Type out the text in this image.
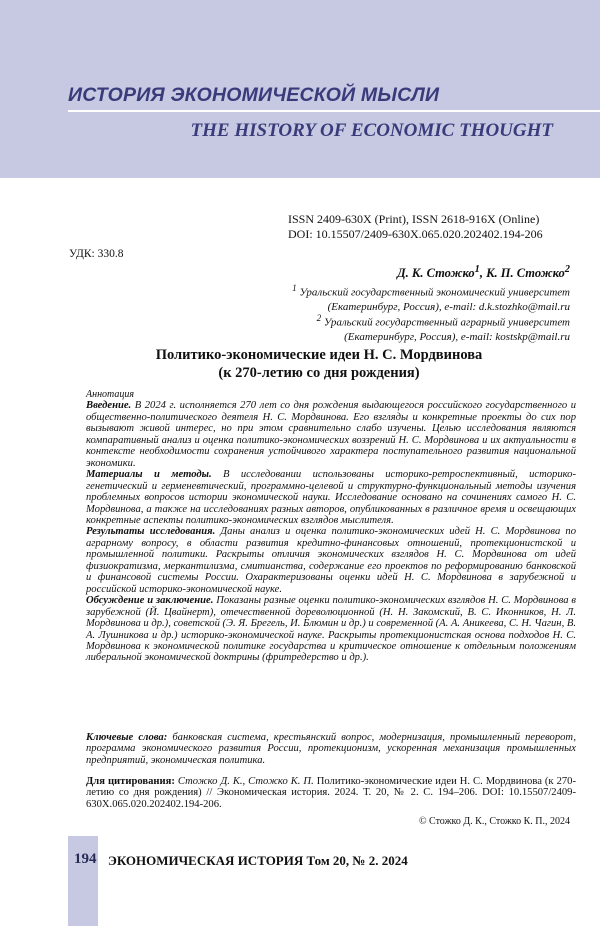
ИСТОРИЯ ЭКОНОМИЧЕСКОЙ МЫСЛИ
THE HISTORY OF ECONOMIC THOUGHT
ISSN 2409-630X (Print), ISSN 2618-916X (Online)
DOI: 10.15507/2409-630X.065.020.202402.194-206
УДК: 330.8
Д. К. Стожко$^1$, К. П. Стожко$^2$
$^1$ Уральский государственный экономический университет
(Екатеринбург, Россия), e-mail: d.k.stozhko@mail.ru
$^2$ Уральский государственный аграрный университет
(Екатеринбург, Россия), e-mail: kostskp@mail.ru
Политико-экономические идеи Н. С. Мордвинова
(к 270-летию со дня рождения)

Аннотация

Введение. В 2024 г. исполняется 270 лет со дня рождения выдающегося российского государственного и общественно-политического деятеля Н. С. Мордвинова. Его взгляды и конкретные проекты до сих пор вызывают живой интерес, но при этом сравнительно слабо изучены. Целью исследования являются компаративный анализ и оценка политико-экономических воззрений Н. С. Мордвинова и их актуальности в контексте необходимости сохранения устойчивого характера поступательного развития национальной экономики.

Материалы и методы. В исследовании использованы историко-ретроспективный, историко-генетический и герменевтический, программно-целевой и структурно-функциональный методы изучения проблемных вопросов истории экономической науки. Исследование основано на сочинениях самого Н. С. Мордвинова, а также на исследованиях разных авторов, опубликованных в различное время и освещающих конкретные аспекты политико-экономических взглядов мыслителя.

Результаты исследования. Даны анализ и оценка политико-экономических идей Н. С. Мордвинова по аграрному вопросу, в области развития кредитно-финансовых отношений, протекционистской и промышленной политики. Раскрыты отличия экономических взглядов Н. С. Мордвинова от идей физиократизма, меркантилизма, смитианства, содержание его проектов по реформированию банковской и финансовой системы России. Охарактеризованы оценки идей Н. С. Мордвинова в зарубежной и российской историко-экономической науке.

Обсуждение и заключение. Показаны разные оценки политико-экономических взглядов Н. С. Мордвинова в зарубежной (Й. Цвайнерт), отечественной дореволюционной (Н. Н. Закомский, В. С. Иконников, Н. Л. Мордвинова и др.), советской (Э. Я. Брегель, И. Блюмин и др.) и современной (А. А. Аникеева, С. Н. Чагин, В. А. Лушникова и др.) историко-экономической науке. Раскрыты протекционистская основа подходов Н. С. Мордвинова к экономической политике государства и критическое отношение к отдельным положениям либеральной экономической доктрины (фритредерство и др.).

Ключевые слова: банковская система, крестьянский вопрос, модернизация, промышленный переворот, программа экономического развития России, протекционизм, ускоренная механизация промышленных предприятий, экономическая политика.
Для цитирования: Стожко Д. К., Стожко К. П. Политико-экономические идеи Н. С. Мордвинова (к 270-летию со дня рождения) // Экономическая история. 2024. Т. 20, № 2. С. 194–206. DOI: 10.15507/2409-630X.065.020.202402.194-206.
© Стожко Д. К., Стожко К. П., 2024
194 ЭКОНОМИЧЕСКАЯ ИСТОРИЯ Том 20, № 2. 2024
